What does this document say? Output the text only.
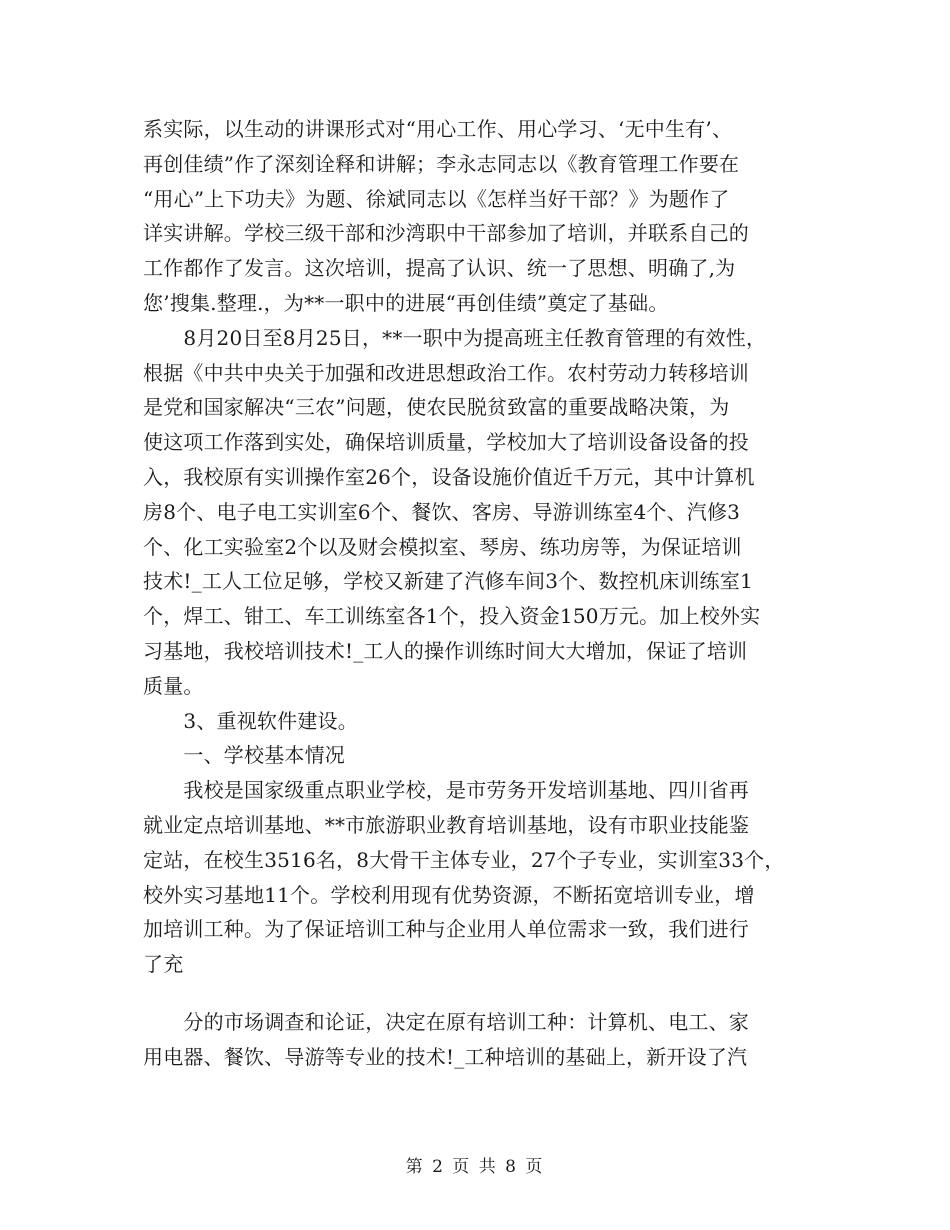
系实际，以生动的讲课形式对“用心工作、用心学习、‘无中生有’、
再创佳绩”作了深刻诠释和讲解；李永志同志以《教育管理工作要在
“用心”上下功夫》为题、徐斌同志以《怎样当好干部？》为题作了
详实讲解。学校三级干部和沙湾职中干部参加了培训，并联系自己的
工作都作了发言。这次培训，提高了认识、统一了思想、明确了,为
您’搜集.整理.，为**一职中的进展“再创佳绩”奠定了基础。
　　8月20日至8月25日，**一职中为提高班主任教育管理的有效性，
根据《中共中央关于加强和改进思想政治工作。农村劳动力转移培训
是党和国家解决“三农”问题，使农民脱贫致富的重要战略决策，为
使这项工作落到实处，确保培训质量，学校加大了培训设备设备的投
入，我校原有实训操作室26个，设备设施价值近千万元，其中计算机
房8个、电子电工实训室6个、餐饮、客房、导游训练室4个、汽修3
个、化工实验室2个以及财会模拟室、琴房、练功房等，为保证培训
技术!_工人工位足够，学校又新建了汽修车间3个、数控机床训练室1
个，焊工、钳工、车工训练室各1个，投入资金150万元。加上校外实
习基地，我校培训技术!_工人的操作训练时间大大增加，保证了培训
质量。
　　3、重视软件建设。
　　一、学校基本情况
　　我校是国家级重点职业学校，是市劳务开发培训基地、四川省再
就业定点培训基地、**市旅游职业教育培训基地，设有市职业技能鉴
定站，在校生3516名，8大骨干主体专业，27个子专业，实训室33个，
校外实习基地11个。学校利用现有优势资源，不断拓宽培训专业，增
加培训工种。为了保证培训工种与企业用人单位需求一致，我们进行
了充
　　分的市场调查和论证，决定在原有培训工种：计算机、电工、家
用电器、餐饮、导游等专业的技术!_工种培训的基础上，新开设了汽
第 2 页 共 8 页
